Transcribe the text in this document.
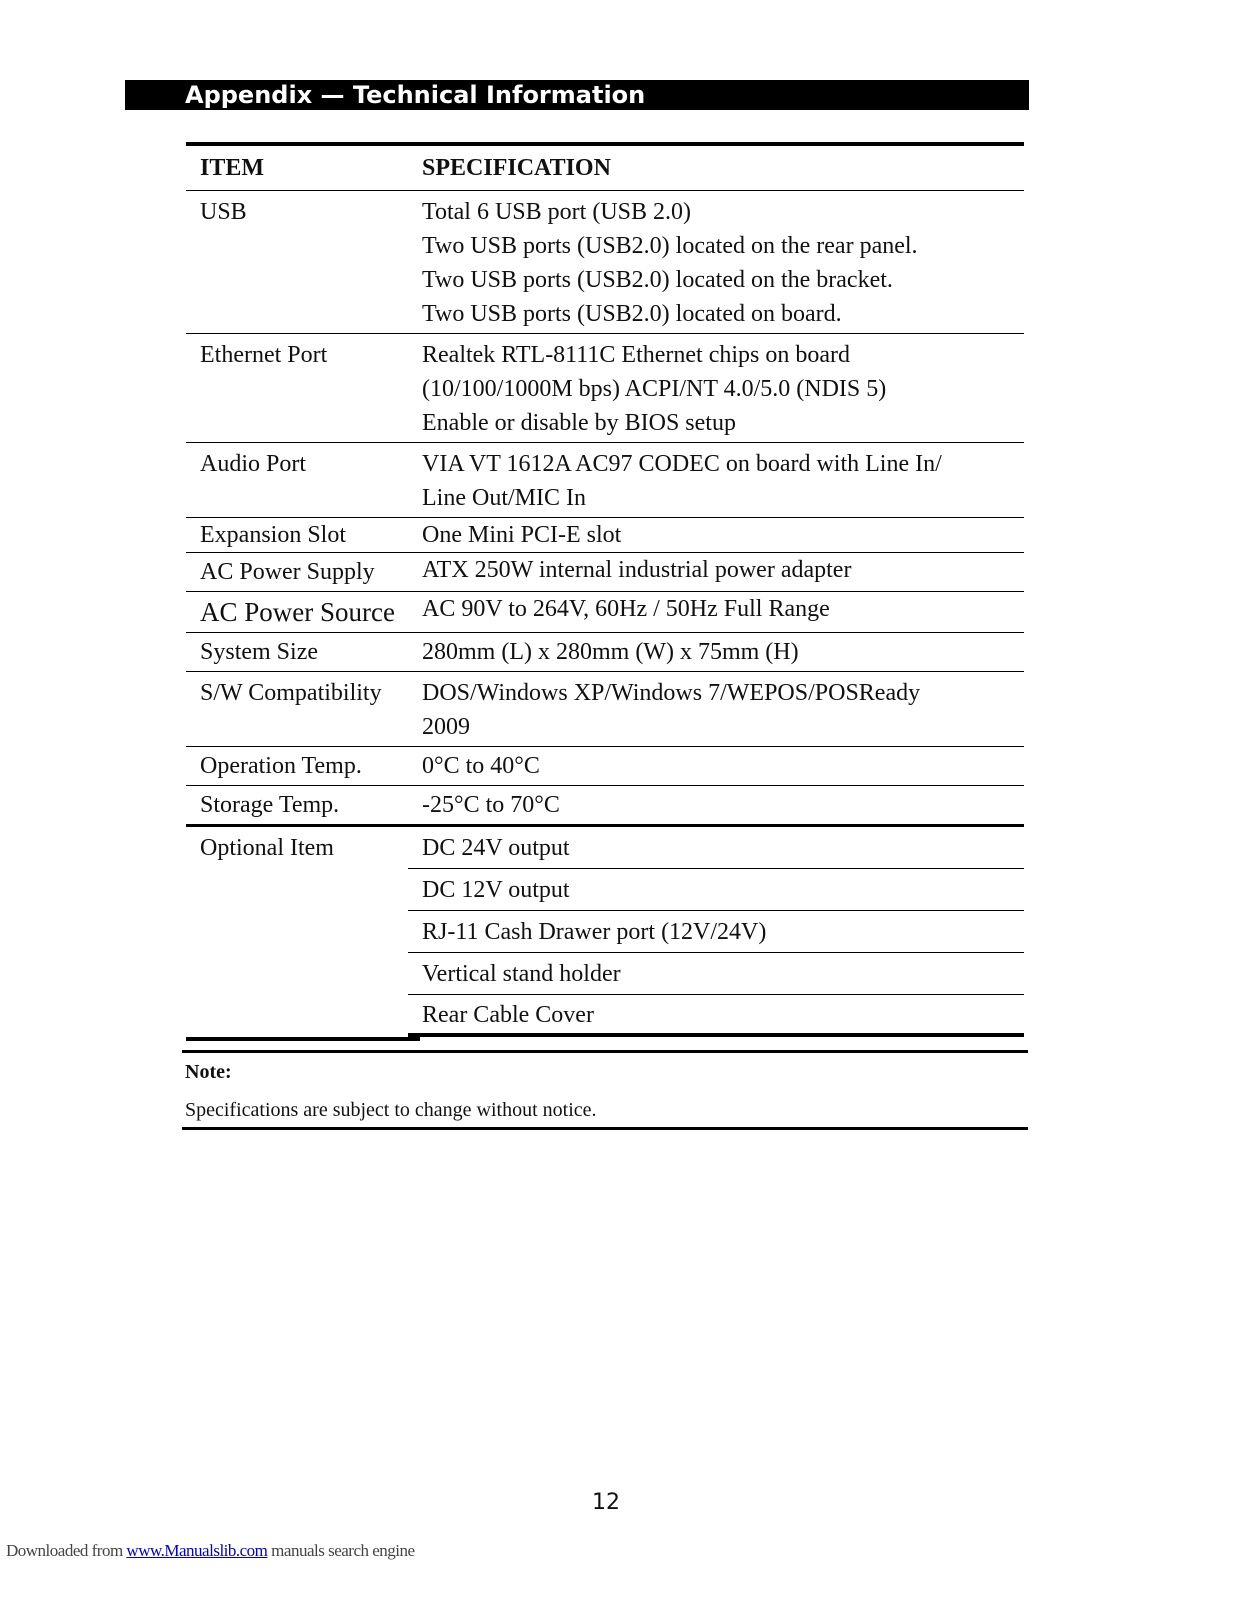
Appendix — Technical Information
ITEM	SPECIFICATION
USB	Total 6 USB port (USB 2.0)
Two USB ports (USB2.0) located on the rear panel.
Two USB ports (USB2.0) located on the bracket.
Two USB ports (USB2.0) located on board.
Ethernet Port	Realtek RTL-8111C Ethernet chips on board
(10/100/1000M bps) ACPI/NT 4.0/5.0 (NDIS 5)
Enable or disable by BIOS setup
Audio Port	VIA VT 1612A AC97 CODEC on board with Line In/
Line Out/MIC In
Expansion Slot	One Mini PCI-E slot
AC Power Supply	ATX 250W internal industrial power adapter
AC Power Source	AC 90V to 264V, 60Hz / 50Hz Full Range
System Size	280mm (L) x 280mm (W) x 75mm (H)
S/W Compatibility	DOS/Windows XP/Windows 7/WEPOS/POSReady
2009
Operation Temp.	0°C to 40°C
Storage Temp.	-25°C to 70°C
Optional Item	DC 24V output
DC 12V output
RJ-11 Cash Drawer port (12V/24V)
Vertical stand holder
Rear Cable Cover
Note:
Specifications are subject to change without notice.
12
Downloaded from www.Manualslib.com manuals search engine
